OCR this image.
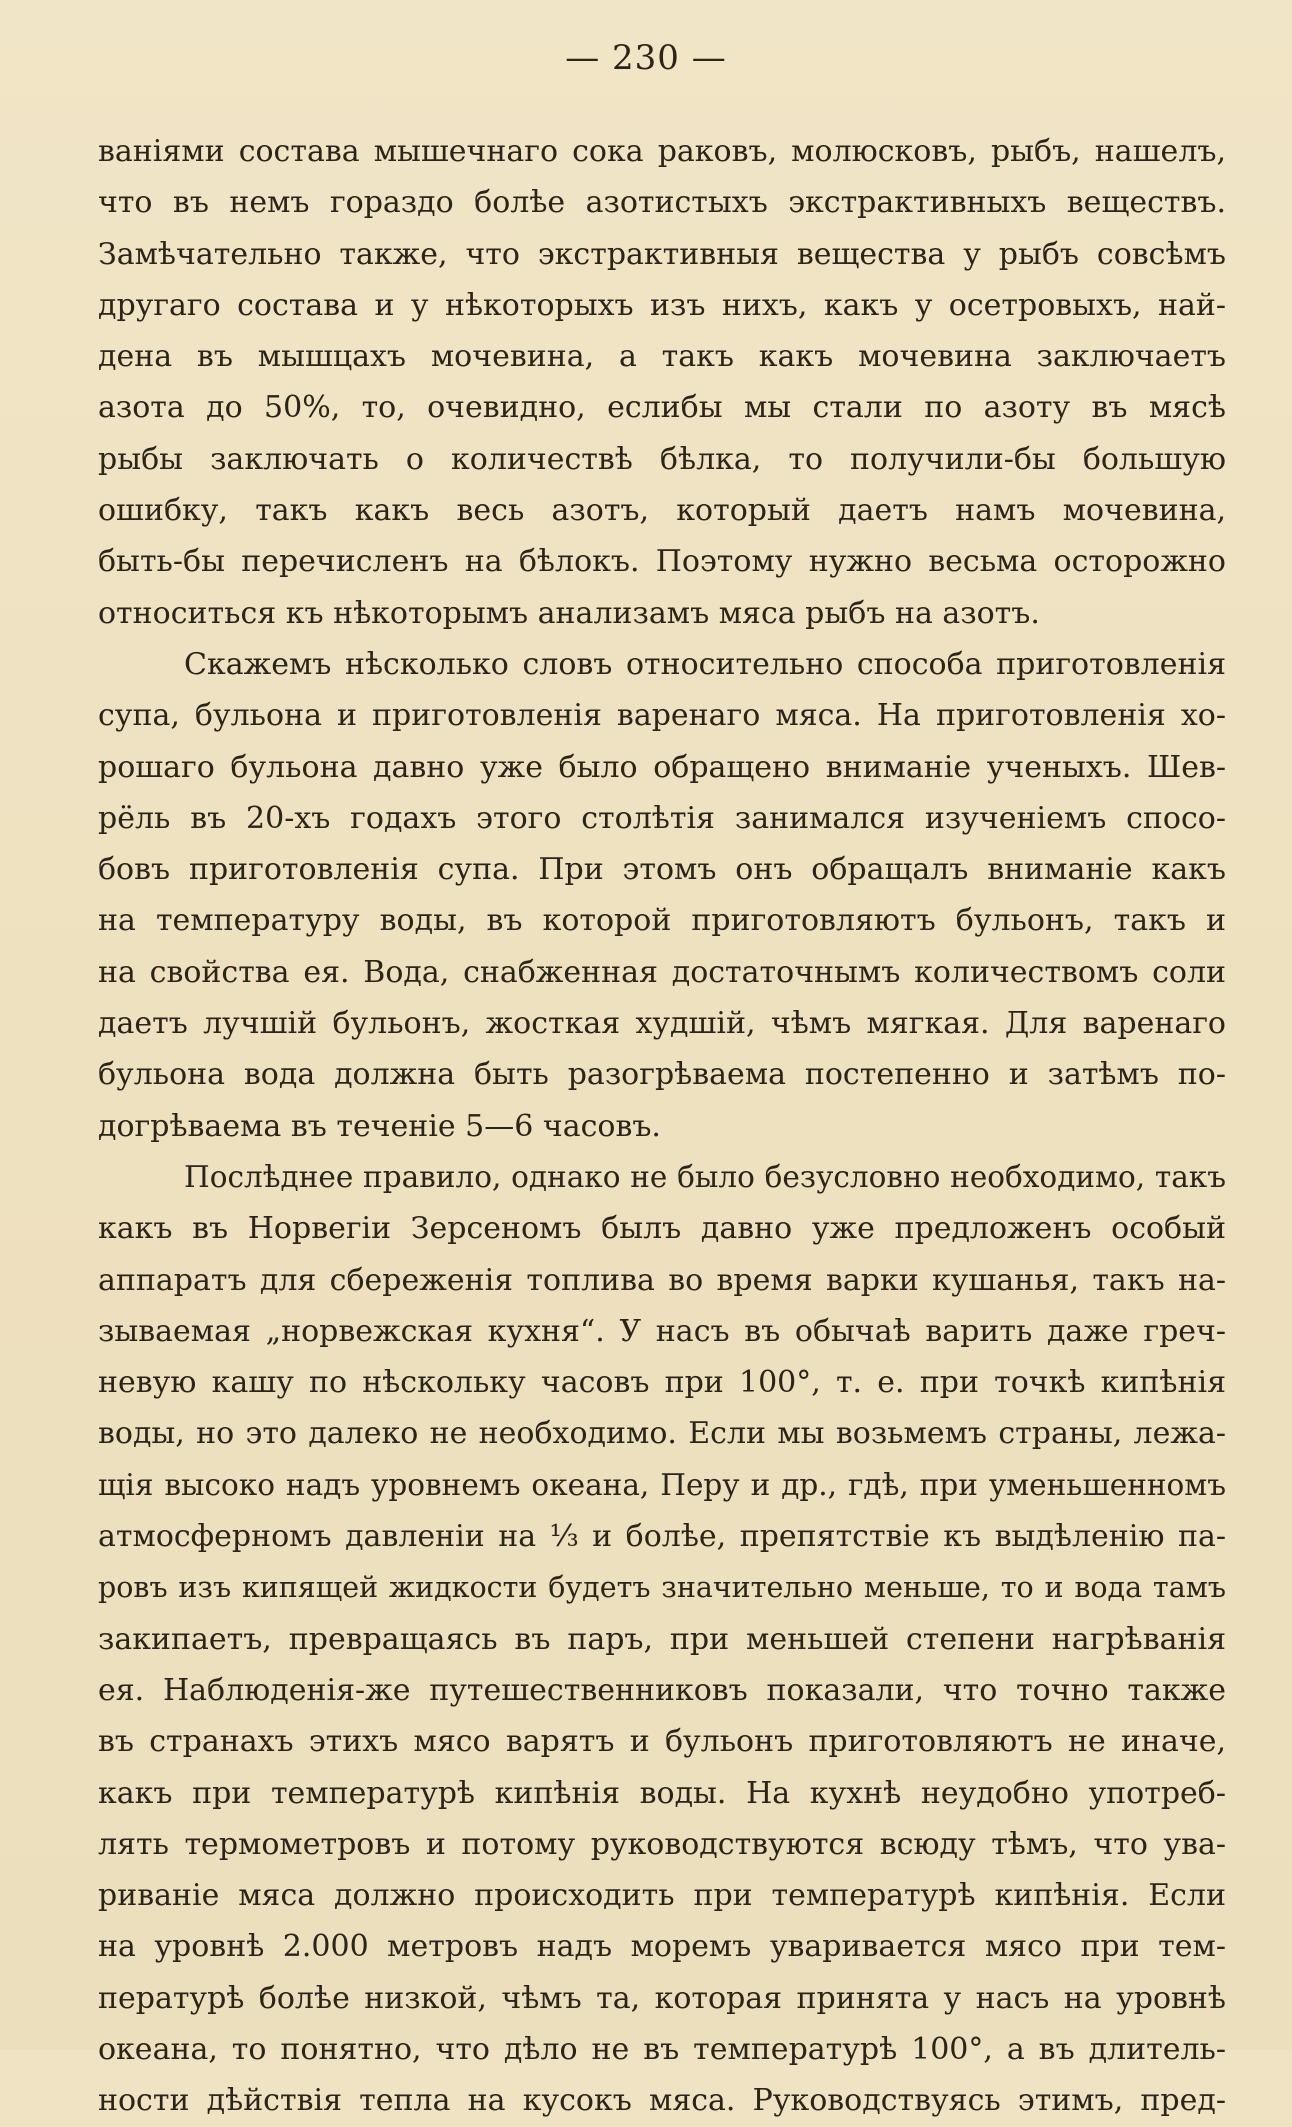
— 230 —
ваніями состава мышечнаго сока раковъ, молюсковъ, рыбъ, нашелъ,
что въ немъ гораздо болѣе азотистыхъ экстрактивныхъ веществъ.
Замѣчательно также, что экстрактивныя вещества у рыбъ совсѣмъ
другаго состава и у нѣкоторыхъ изъ нихъ, какъ у осетровыхъ, най-
дена въ мышцахъ мочевина, а такъ какъ мочевина заключаетъ
азота до 50%, то, очевидно, еслибы мы стали по азоту въ мясѣ
рыбы заключать о количествѣ бѣлка, то получили-бы большую
ошибку, такъ какъ весь азотъ, который даетъ намъ мочевина,
быть-бы перечисленъ на бѣлокъ. Поэтому нужно весьма осторожно
относиться къ нѣкоторымъ анализамъ мяса рыбъ на азотъ.
Скажемъ нѣсколько словъ относительно способа приготовленія
супа, бульона и приготовленія варенаго мяса. На приготовленія хо-
рошаго бульона давно уже было обращено вниманіе ученыхъ. Шев-
рёль въ 20-хъ годахъ этого столѣтія занимался изученіемъ спосо-
бовъ приготовленія супа. При этомъ онъ обращалъ вниманіе какъ
на температуру воды, въ которой приготовляютъ бульонъ, такъ и
на свойства ея. Вода, снабженная достаточнымъ количествомъ соли
даетъ лучшій бульонъ, жосткая худшій, чѣмъ мягкая. Для варенаго
бульона вода должна быть разогрѣваема постепенно и затѣмъ по-
догрѣваема въ теченіе 5—6 часовъ.
Послѣднее правило, однако не было безусловно необходимо, такъ
какъ въ Норвегіи Зерсеномъ былъ давно уже предложенъ особый
аппаратъ для сбереженія топлива во время варки кушанья, такъ на-
зываемая „норвежская кухня“. У насъ въ обычаѣ варить даже греч-
невую кашу по нѣскольку часовъ при 100°, т. е. при точкѣ кипѣнія
воды, но это далеко не необходимо. Если мы возьмемъ страны, лежа-
щія высоко надъ уровнемъ океана, Перу и др., гдѣ, при уменьшенномъ
атмосферномъ давленіи на ⅓ и болѣе, препятствіе къ выдѣленію па-
ровъ изъ кипящей жидкости будетъ значительно меньше, то и вода тамъ
закипаетъ, превращаясь въ паръ, при меньшей степени нагрѣванія
ея. Наблюденія-же путешественниковъ показали, что точно также
въ странахъ этихъ мясо варятъ и бульонъ приготовляютъ не иначе,
какъ при температурѣ кипѣнія воды. На кухнѣ неудобно употреб-
лять термометровъ и потому руководствуются всюду тѣмъ, что ува-
риваніе мяса должно происходить при температурѣ кипѣнія. Если
на уровнѣ 2.000 метровъ надъ моремъ увариваетcя мясо при тем-
пературѣ болѣе низкой, чѣмъ та, которая принята у насъ на уровнѣ
океана, то понятно, что дѣло не въ температурѣ 100°, а въ длитель-
ности дѣйствія тепла на кусокъ мяса. Руководствуясь этимъ, пред-
